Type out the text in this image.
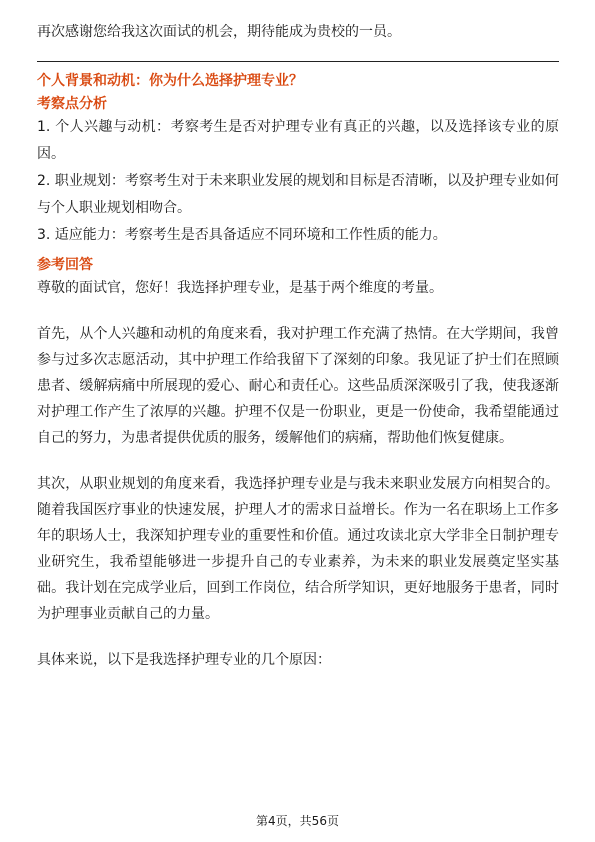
再次感谢您给我这次面试的机会，期待能成为贵校的一员。

个人背景和动机：你为什么选择护理专业？
考察点分析

1. 个人兴趣与动机：考察考生是否对护理专业有真正的兴趣，以及选择该专业的原因。

2. 职业规划：考察考生对于未来职业发展的规划和目标是否清晰，以及护理专业如何与个人职业规划相吻合。

3. 适应能力：考察考生是否具备适应不同环境和工作性质的能力。

参考回答

尊敬的面试官，您好！我选择护理专业，是基于两个维度的考量。

首先，从个人兴趣和动机的角度来看，我对护理工作充满了热情。在大学期间，我曾参与过多次志愿活动，其中护理工作给我留下了深刻的印象。我见证了护士们在照顾患者、缓解病痛中所展现的爱心、耐心和责任心。这些品质深深吸引了我，使我逐渐对护理工作产生了浓厚的兴趣。护理不仅是一份职业，更是一份使命，我希望能通过自己的努力，为患者提供优质的服务，缓解他们的病痛，帮助他们恢复健康。

其次，从职业规划的角度来看，我选择护理专业是与我未来职业发展方向相契合的。随着我国医疗事业的快速发展，护理人才的需求日益增长。作为一名在职场上工作多年的职场人士，我深知护理专业的重要性和价值。通过攻读北京大学非全日制护理专业研究生，我希望能够进一步提升自己的专业素养，为未来的职业发展奠定坚实基础。我计划在完成学业后，回到工作岗位，结合所学知识，更好地服务于患者，同时为护理事业贡献自己的力量。

具体来说，以下是我选择护理专业的几个原因：

第4页，共56页
